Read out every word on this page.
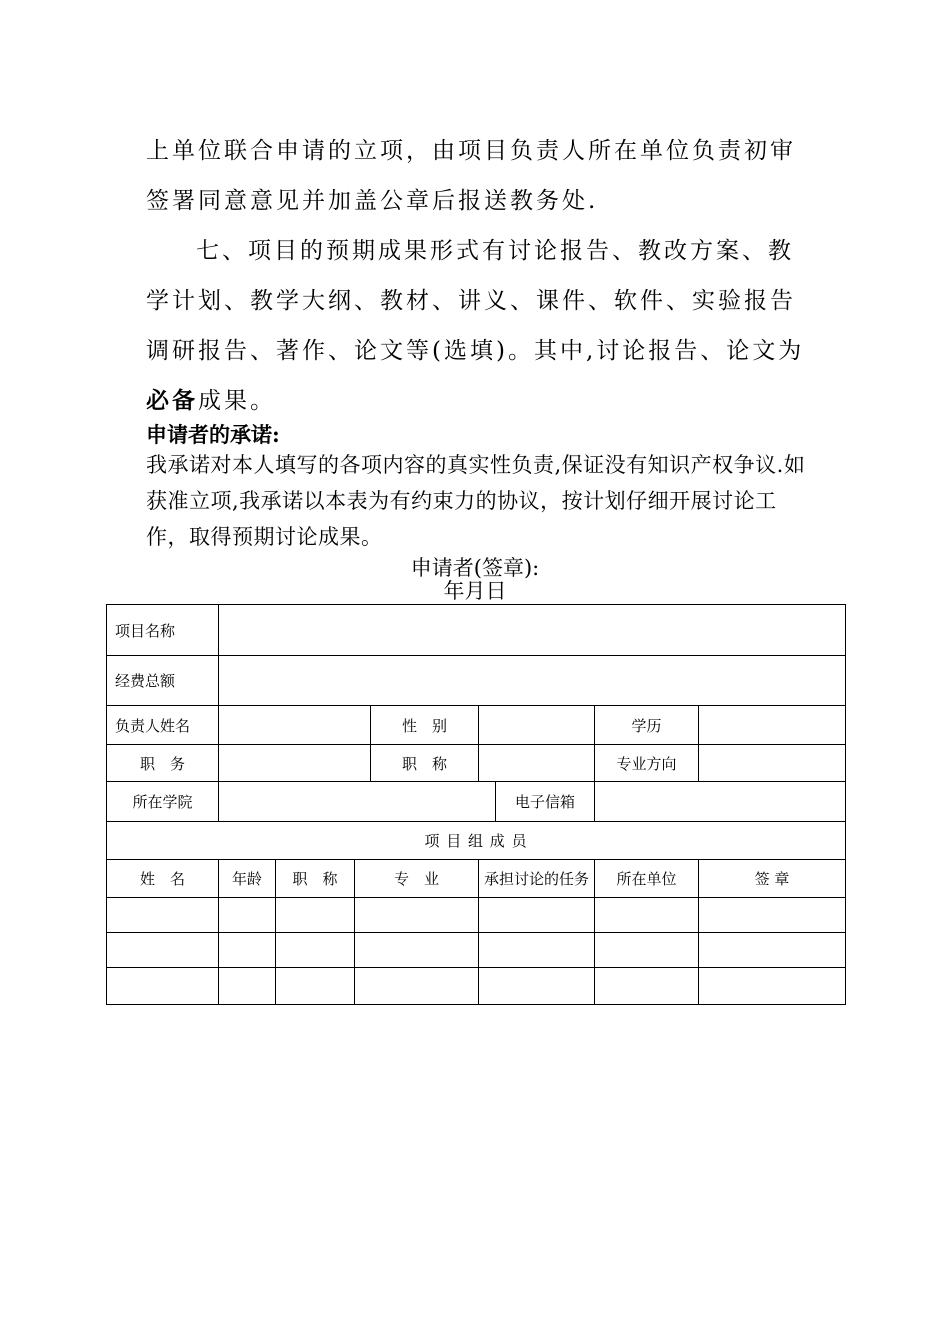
上单位联合申请的立项，由项目负责人所在单位负责初审签署同意意见并加盖公章后报送教务处.

七、项目的预期成果形式有讨论报告、教改方案、教学计划、教学大纲、教材、讲义、课件、软件、实验报告调研报告、著作、论文等(选填)。其中,讨论报告、论文为必备成果。

申请者的承诺:

我承诺对本人填写的各项内容的真实性负责,保证没有知识产权争议.如获准立项,我承诺以本表为有约束力的协议，按计划仔细开展讨论工作，取得预期讨论成果。

申请者(签章):
年月日
项目名称								
经费总额								
负责人姓名				性　别			学历	
职　务				职　称			专业方向	
所在学院						电子信箱		
项 目 组 成 员								
姓　名	年龄	职　称	专　业		承担讨论的任务		所在单位	签 章
